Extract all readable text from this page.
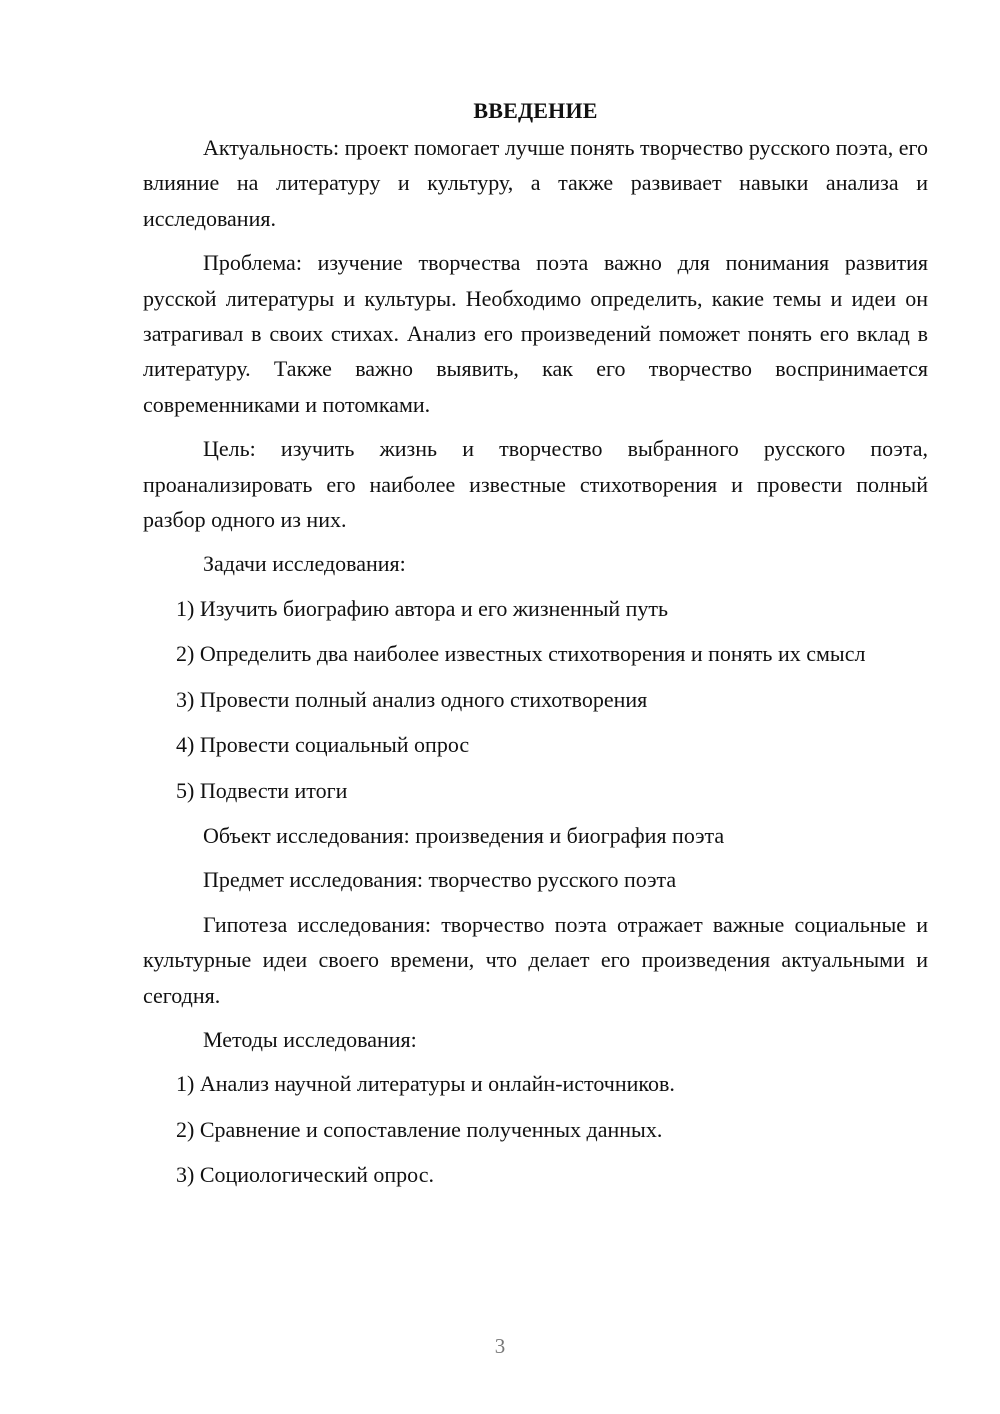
ВВЕДЕНИЕ

Актуальность: проект помогает лучше понять творчество русского поэта, его влияние на литературу и культуру, а также развивает навыки анализа и исследования.

Проблема: изучение творчества поэта важно для понимания развития русской литературы и культуры. Необходимо определить, какие темы и идеи он затрагивал в своих стихах. Анализ его произведений поможет понять его вклад в литературу. Также важно выявить, как его творчество воспринимается современниками и потомками.

Цель: изучить жизнь и творчество выбранного русского поэта, проанализировать его наиболее известные стихотворения и провести полный разбор одного из них.

Задачи исследования:

1) Изучить биографию автора и его жизненный путь

2) Определить два наиболее известных стихотворения и понять их смысл

3) Провести полный анализ одного стихотворения

4) Провести социальный опрос

5) Подвести итоги

Объект исследования: произведения и биография поэта

Предмет исследования: творчество русского поэта

Гипотеза исследования: творчество поэта отражает важные социальные и культурные идеи своего времени, что делает его произведения актуальными и сегодня.

Методы исследования:

1) Анализ научной литературы и онлайн-источников.

2) Сравнение и сопоставление полученных данных.

3) Социологический опрос.

3
